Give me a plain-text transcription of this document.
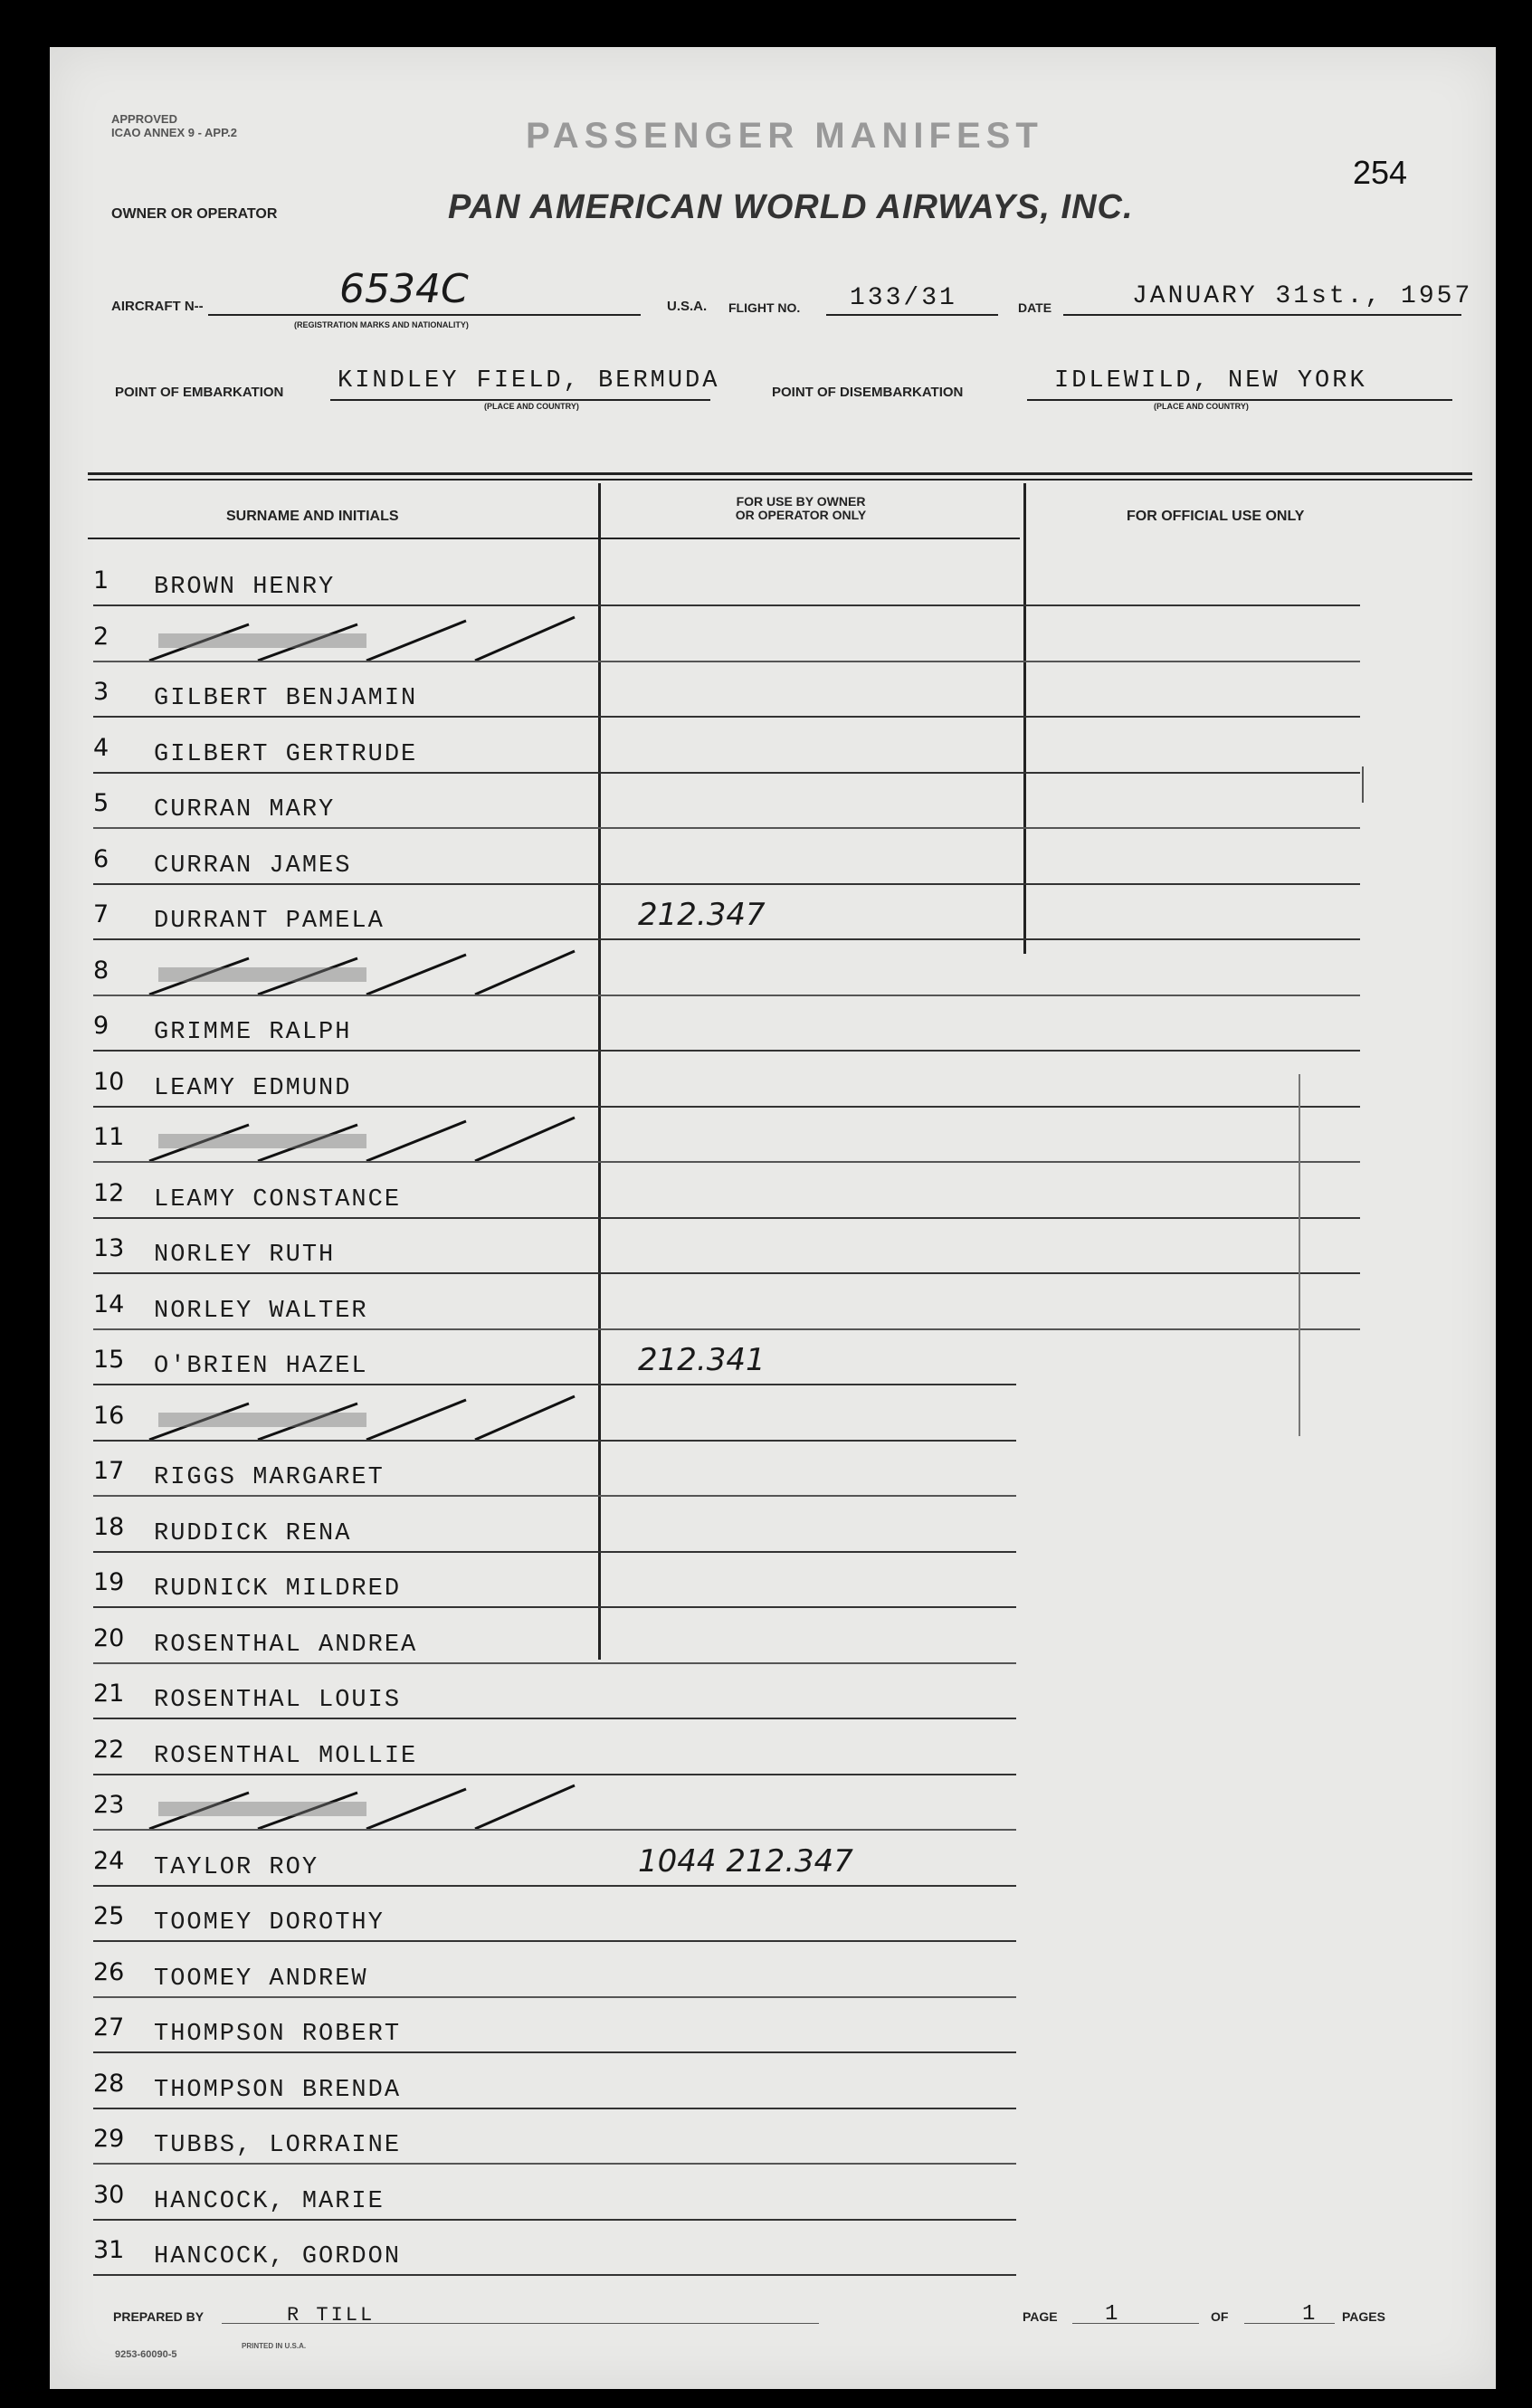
APPROVED
ICAO ANNEX 9 - APP.2	PASSENGER MANIFEST
254
OWNER OR OPERATOR	PAN AMERICAN WORLD AIRWAYS, INC.
AIRCRAFT N--	6534C
(REGISTRATION MARKS AND NATIONALITY)
U.S.A. FLIGHT NO. 133/31	DATE	JANUARY 31st., 1957
POINT OF EMBARKATION KINDLEY FIELD, BERMUDA
(PLACE AND COUNTRY)
POINT OF DISEMBARKATION	IDLEWILD, NEW YORK
(PLACE AND COUNTRY)
SURNAME AND INITIALS
FOR USE BY OWNER
OR OPERATOR ONLY	FOR OFFICIAL USE ONLY
1 BROWN HENRY
2
3 GILBERT BENJAMIN
4 GILBERT GERTRUDE
5 CURRAN MARY
6 CURRAN JAMES
7 DURRANT PAMELA	212.347
8
9 GRIMME RALPH
10 LEAMY EDMUND
11
12 LEAMY CONSTANCE
13 NORLEY RUTH
14 NORLEY WALTER
15 O'BRIEN HAZEL	212.341
16
17 RIGGS MARGARET
18 RUDDICK RENA
19 RUDNICK MILDRED
20 ROSENTHAL ANDREA
21 ROSENTHAL LOUIS
22 ROSENTHAL MOLLIE
23
24 TAYLOR ROY	1044 212.347
25 TOOMEY DOROTHY
26 TOOMEY ANDREW
27 THOMPSON ROBERT
28 THOMPSON BRENDA
29 TUBBS, LORRAINE
30 HANCOCK, MARIE
31 HANCOCK, GORDON
PREPARED BY	R TILL	PAGE 1	OF	1 PAGES
9253-60090-5
PRINTED IN U.S.A.
